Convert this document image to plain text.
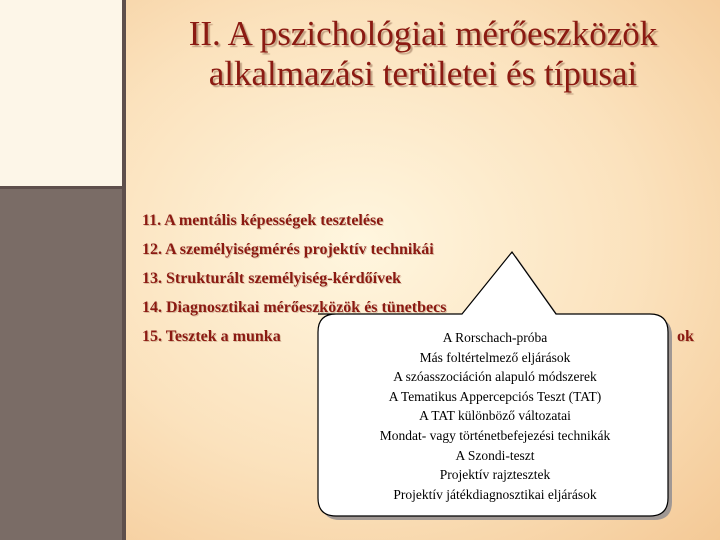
II. A pszichológiai mérőeszközök
alkalmazási területei és típusai
11. A mentális képességek tesztelése
12. A személyiségmérés projektív technikái
13. Strukturált személyiség-kérdőívek
14. Diagnosztikai mérőeszközök és tünetbecs
15. Tesztek a munka	ok
A Rorschach-próba
Más foltértelmező eljárások
A szóasszociáción alapuló módszerek
A Tematikus Appercepciós Teszt (TAT)
A TAT különböző változatai
Mondat- vagy történetbefejezési technikák
A Szondi-teszt
Projektív rajztesztek
Projektív játékdiagnosztikai eljárások
